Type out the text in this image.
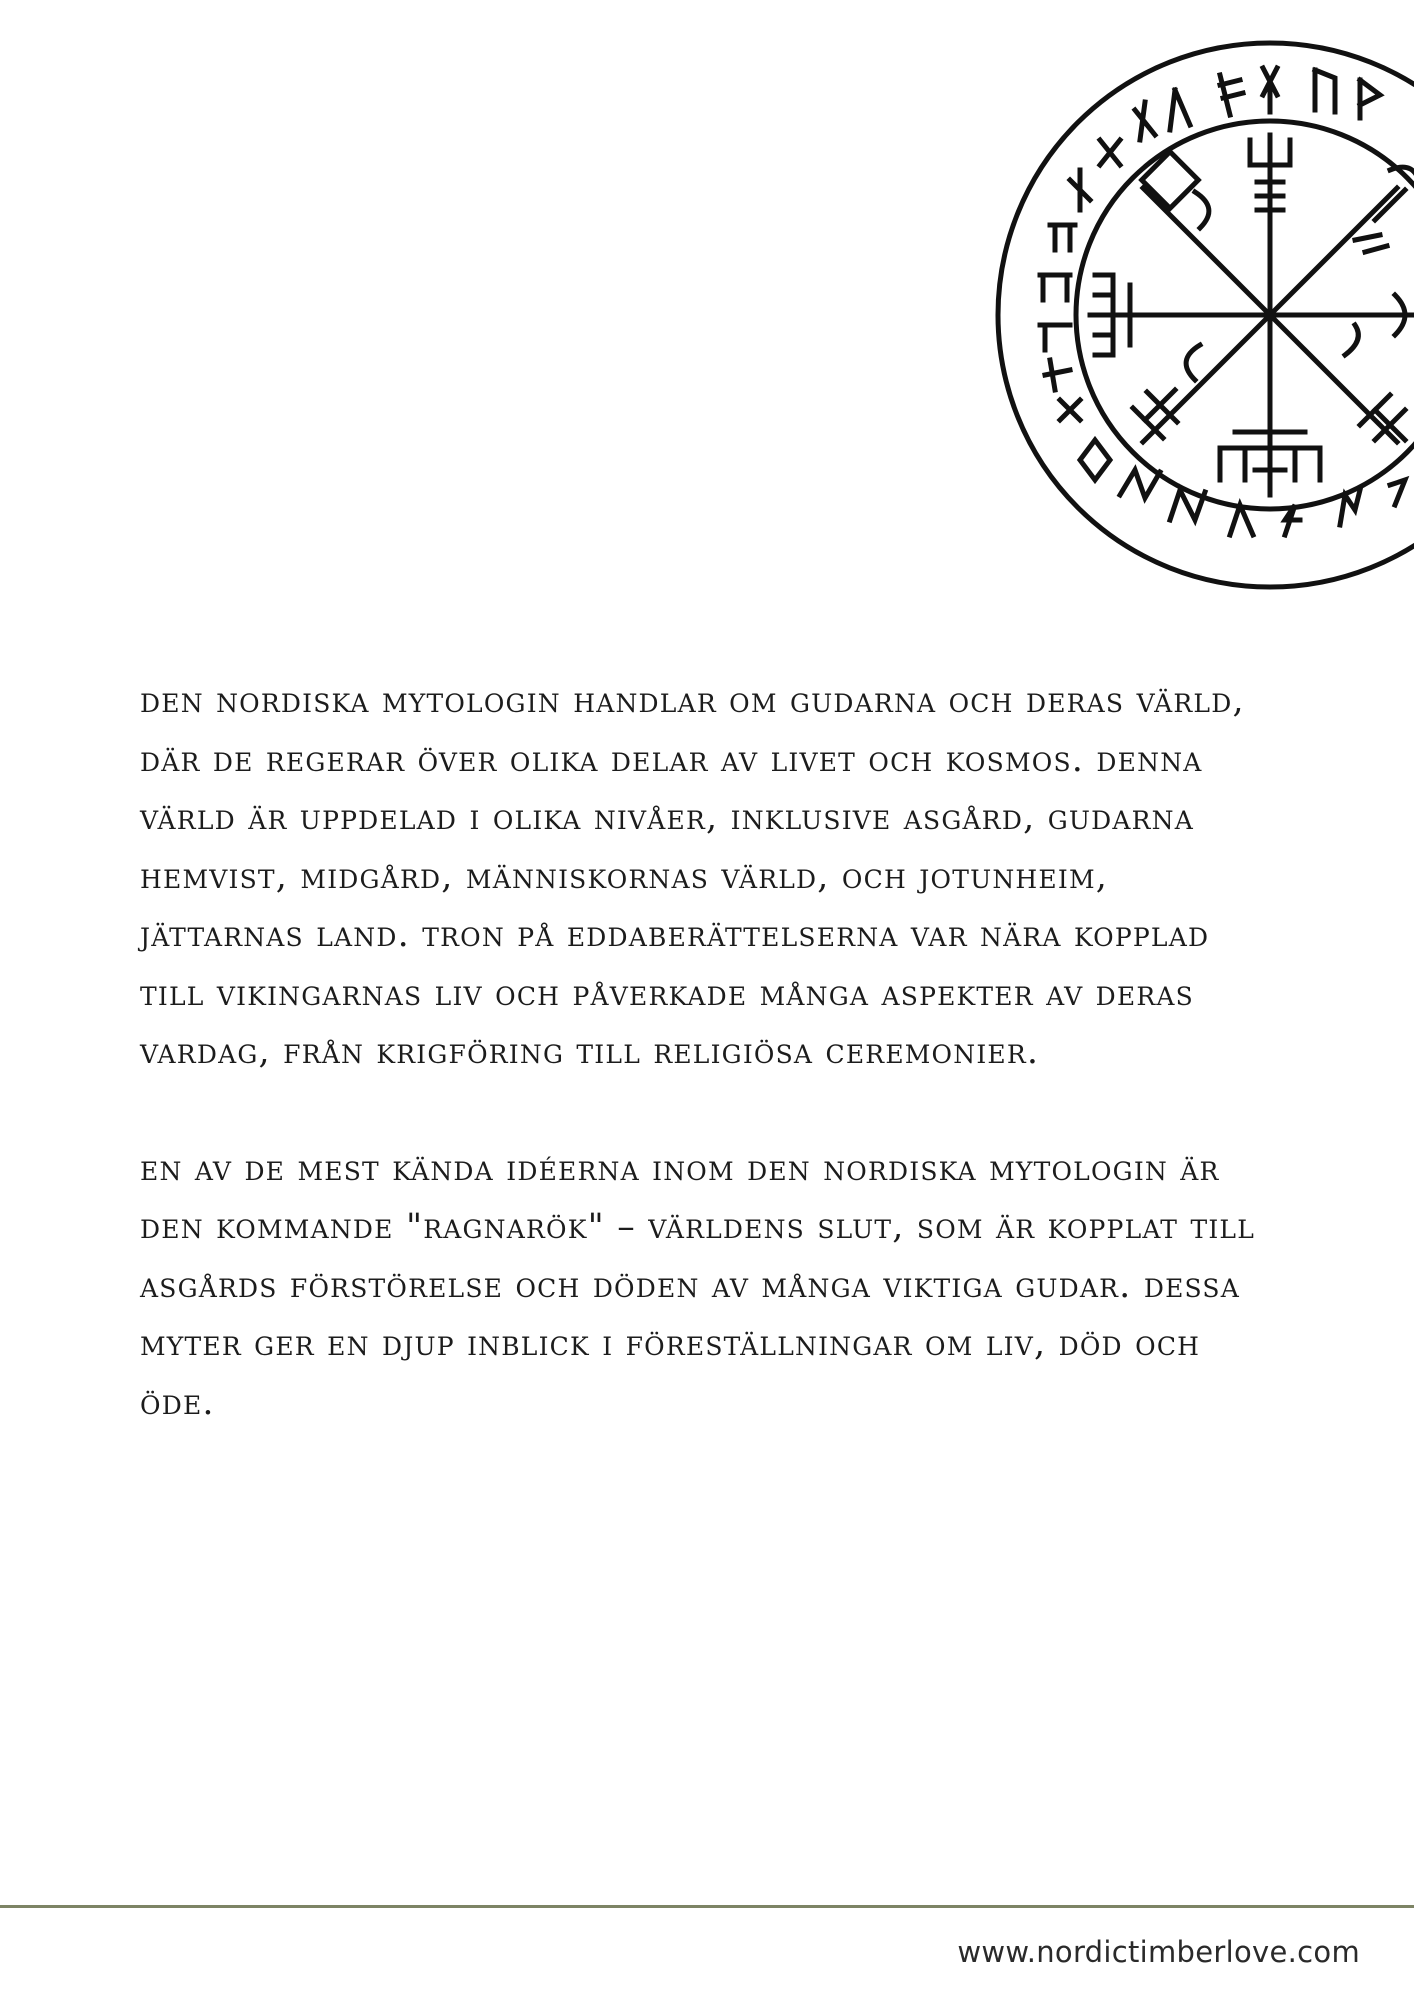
den nordiska mytologin handlar om gudarna och deras värld, där de regerar över olika delar av livet och kosmos. denna värld är uppdelad i olika nivåer, inklusive asgård, gudarna hemvist, midgård, människornas värld, och jotunheim, jättarnas land. tron på eddaberättelserna var nära kopplad till vikingarnas liv och påverkade många aspekter av deras vardag, från krigföring till religiösa ceremonier.

en av de mest kända idéerna inom den nordiska mytologin är den kommande "ragnarök" – världens slut, som är kopplat till asgårds förstörelse och döden av många viktiga gudar. dessa myter ger en djup inblick i föreställningar om liv, död och öde.

www.nordictimberlove.com
